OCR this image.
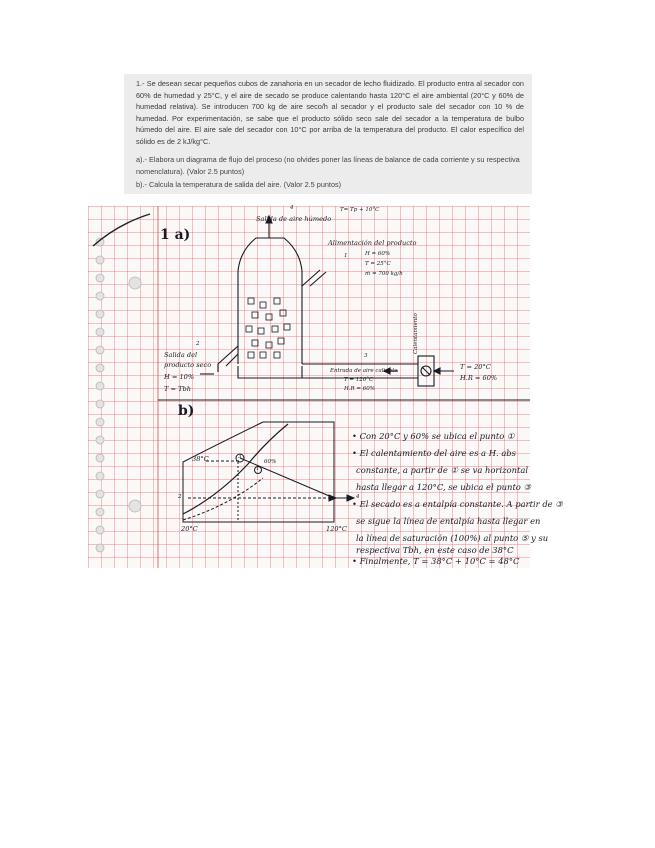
1.- Se desean secar pequeños cubos de zanahoria en un secador de lecho fluidizado. El producto entra al secador con 60% de humedad y 25°C, y el aire de secado se produce calentando hasta 120°C el aire ambiental (20°C y 60% de humedad relativa). Se introducen 700 kg de aire seco/h al secador y el producto sale del secador con 10 % de humedad. Por experimentación, se sabe que el producto sólido seco sale del secador a la temperatura de bulbo húmedo del aire. El aire sale del secador con 10°C por arriba de la temperatura del producto. El calor específico del sólido es de 2 kJ/kg°C.
a).- Elabora un diagrama de flujo del proceso (no olvides poner las líneas de balance de cada corriente y su respectiva nomenclatura). (Valor 2.5 puntos)
b).- Calcula la temperatura de salida del aire. (Valor 2.5 puntos)
T= Tp + 10°C
Salida de aire húmedo
4
1 a)	Alimentación del producto
1	H = 60%
T = 25°C
ṁ = 700 kg/h
Salida del
producto seco
2
H = 10%
T = Tbh
Entrada de aire caliente
3
T = 120°C
H.R = 60%
Calentamiento
T = 20°C
H.R = 60%
b)
38°C
20°C	120°C
2
3
1
4
60%
• Con 20°C y 60% se ubica el punto ①
• El calentamiento del aire es a H. abs
constante, a partir de ① se va horizontal
hasta llegar a 120°C, se ubica el punto ③
• El secado es a entalpía constante. A partir de ③
se sigue la línea de entalpía hasta llegar en
la línea de saturación (100%) al punto ⑤ y su
respectiva Tbh, en este caso de 38°C
• Finalmente, T = 38°C + 10°C = 48°C
